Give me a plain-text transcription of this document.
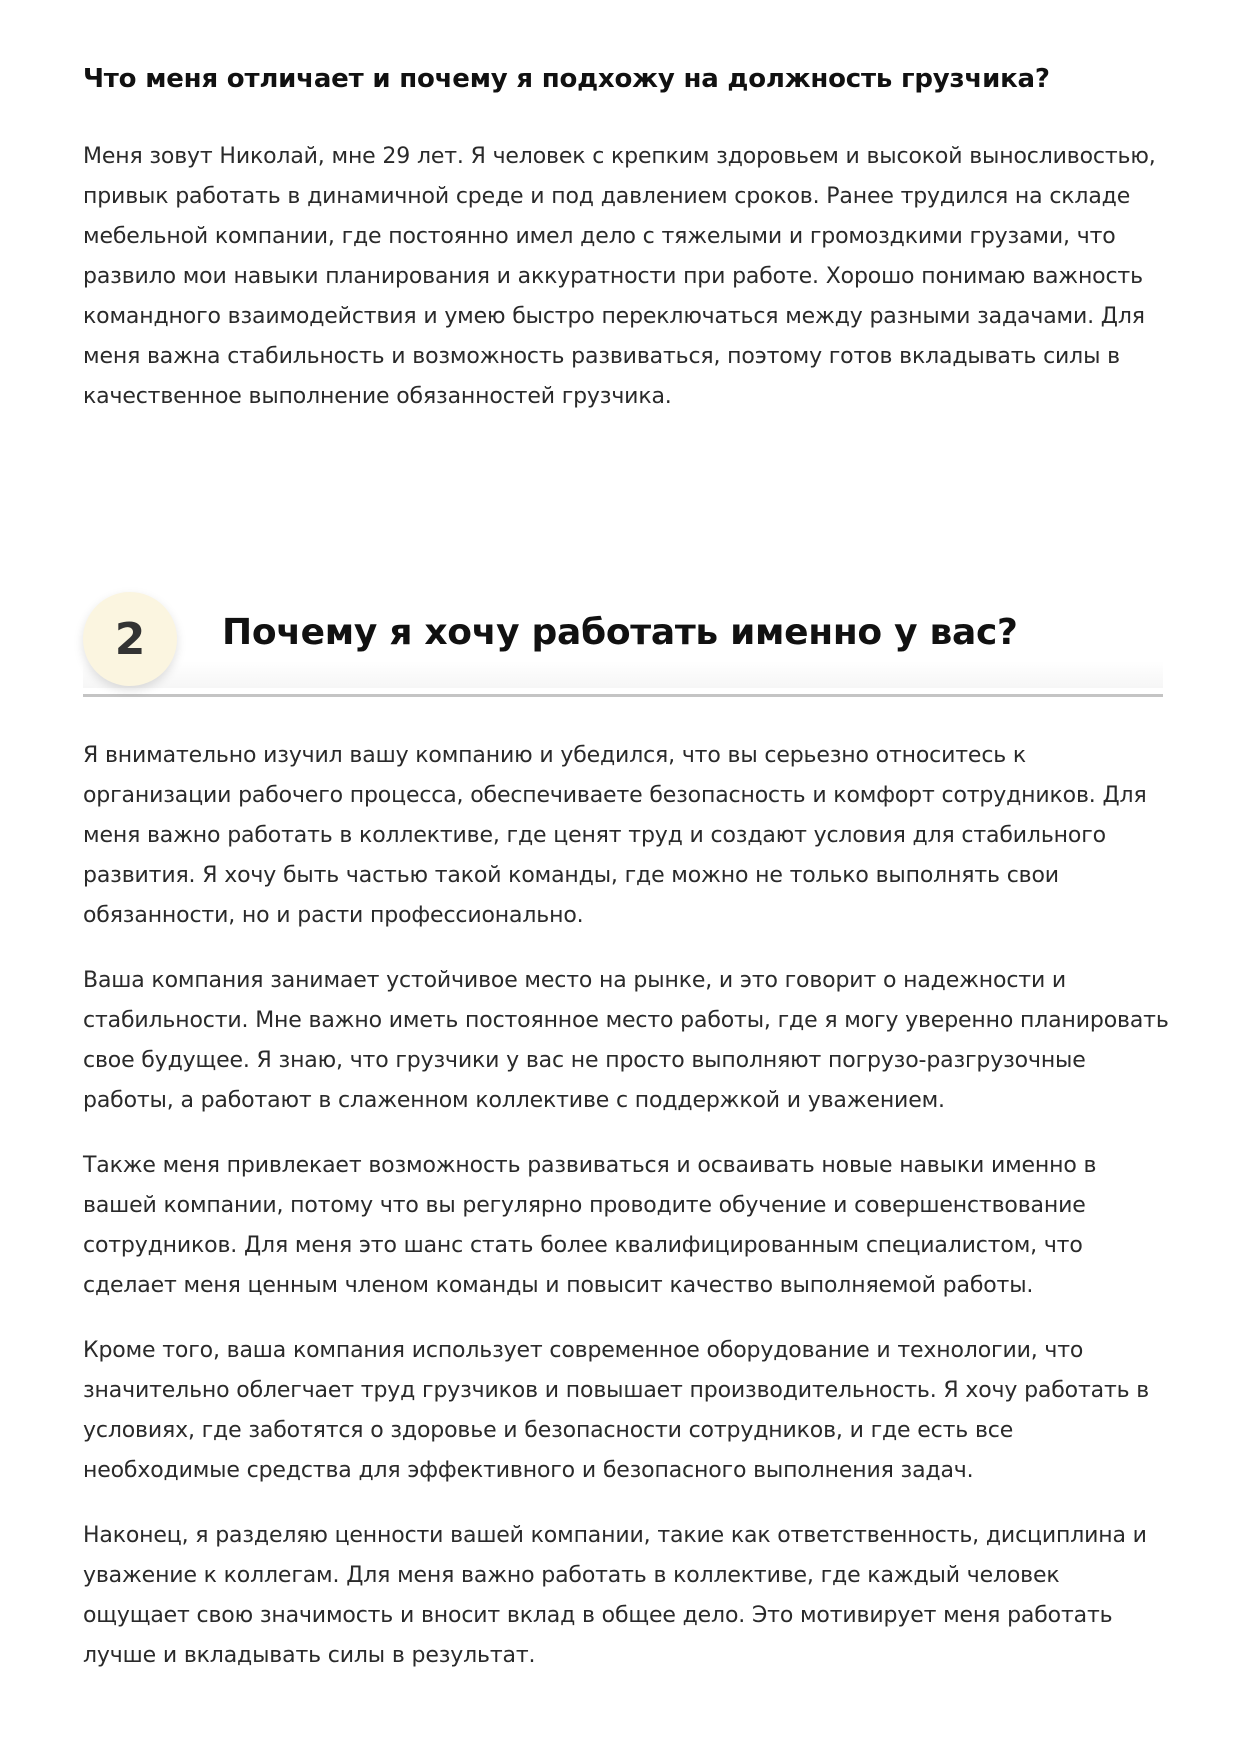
Что меня отличает и почему я подхожу на должность грузчика?

Меня зовут Николай, мне 29 лет. Я человек с крепким здоровьем и высокой выносливостью, привык работать в динамичной среде и под давлением сроков. Ранее трудился на складе мебельной компании, где постоянно имел дело с тяжелыми и громоздкими грузами, что развило мои навыки планирования и аккуратности при работе. Хорошо понимаю важность командного взаимодействия и умею быстро переключаться между разными задачами. Для меня важна стабильность и возможность развиваться, поэтому готов вкладывать силы в качественное выполнение обязанностей грузчика.

2	Почему я хочу работать именно у вас?

Я внимательно изучил вашу компанию и убедился, что вы серьезно относитесь к организации рабочего процесса, обеспечиваете безопасность и комфорт сотрудников. Для меня важно работать в коллективе, где ценят труд и создают условия для стабильного развития. Я хочу быть частью такой команды, где можно не только выполнять свои обязанности, но и расти профессионально.

Ваша компания занимает устойчивое место на рынке, и это говорит о надежности и стабильности. Мне важно иметь постоянное место работы, где я могу уверенно планировать свое будущее. Я знаю, что грузчики у вас не просто выполняют погрузо-разгрузочные работы, а работают в слаженном коллективе с поддержкой и уважением.

Также меня привлекает возможность развиваться и осваивать новые навыки именно в вашей компании, потому что вы регулярно проводите обучение и совершенствование сотрудников. Для меня это шанс стать более квалифицированным специалистом, что сделает меня ценным членом команды и повысит качество выполняемой работы.

Кроме того, ваша компания использует современное оборудование и технологии, что значительно облегчает труд грузчиков и повышает производительность. Я хочу работать в условиях, где заботятся о здоровье и безопасности сотрудников, и где есть все необходимые средства для эффективного и безопасного выполнения задач.

Наконец, я разделяю ценности вашей компании, такие как ответственность, дисциплина и уважение к коллегам. Для меня важно работать в коллективе, где каждый человек ощущает свою значимость и вносит вклад в общее дело. Это мотивирует меня работать лучше и вкладывать силы в результат.
